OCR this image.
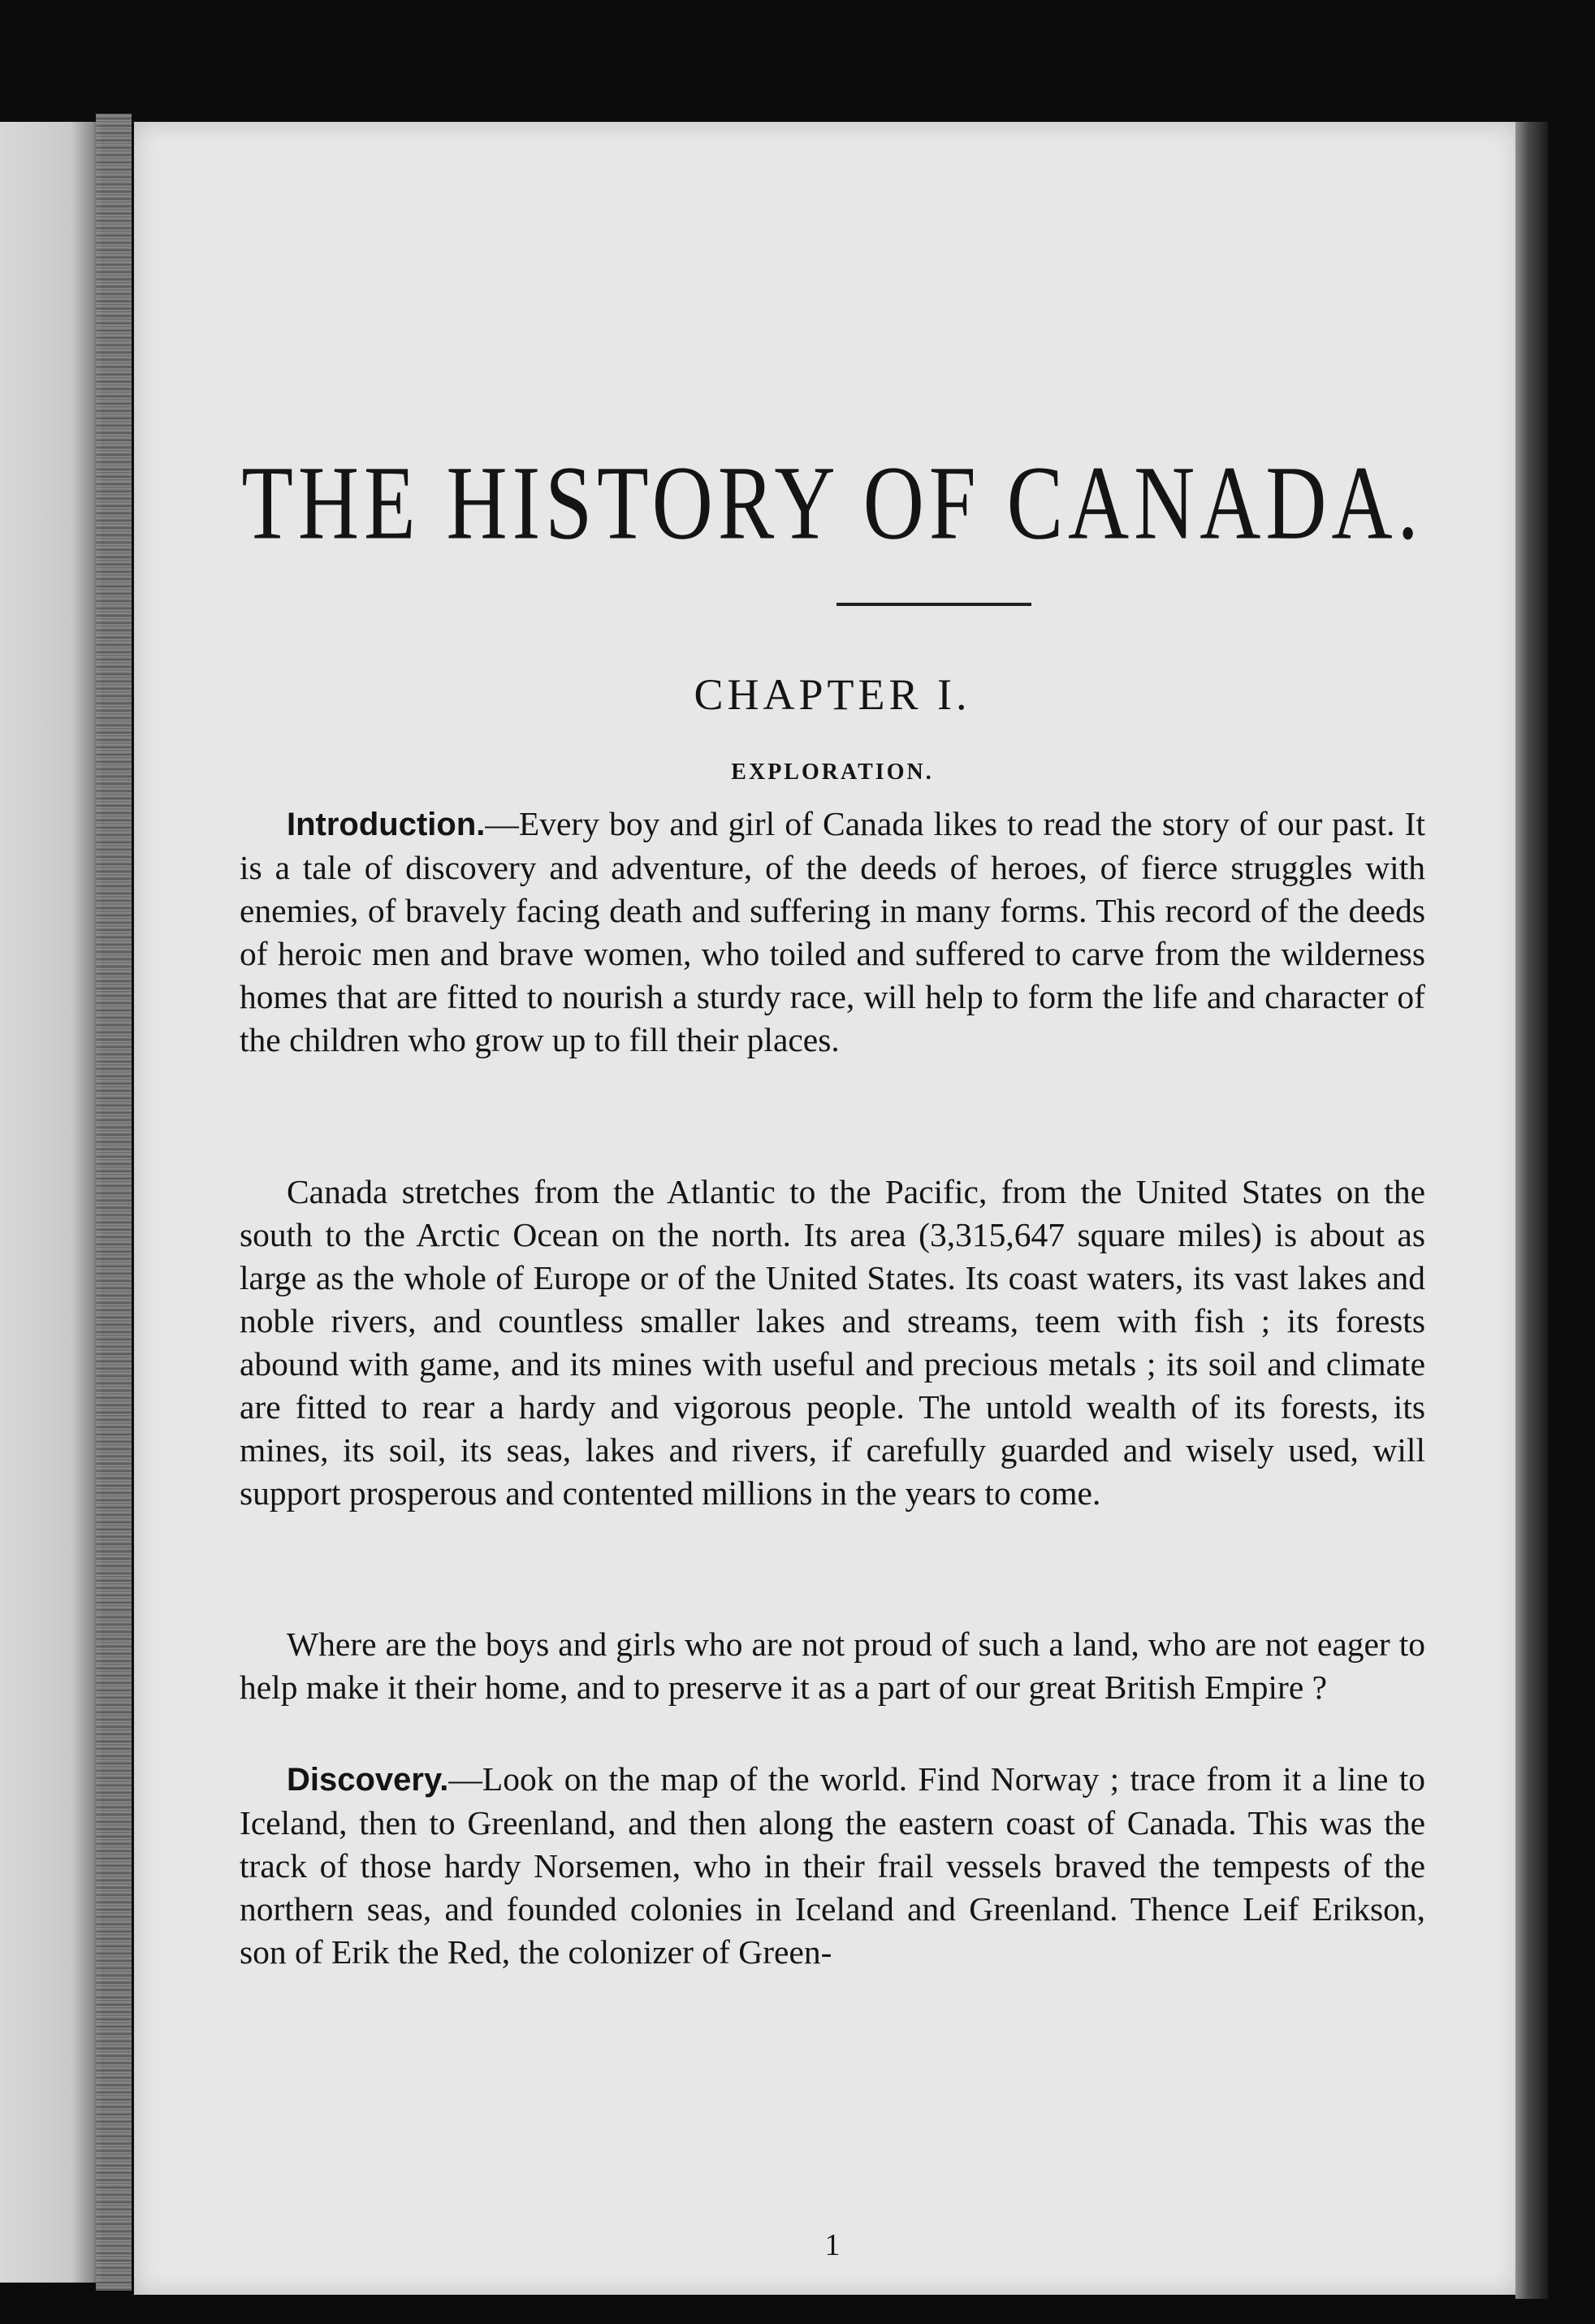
THE HISTORY OF CANADA.
CHAPTER I.
EXPLORATION.

Introduction.—Every boy and girl of Canada likes to read the story of our past. It is a tale of discovery and adventure, of the deeds of heroes, of fierce struggles with enemies, of bravely facing death and suffering in many forms. This record of the deeds of heroic men and brave women, who toiled and suffered to carve from the wilderness homes that are fitted to nourish a sturdy race, will help to form the life and character of the children who grow up to fill their places.

Canada stretches from the Atlantic to the Pacific, from the United States on the south to the Arctic Ocean on the north. Its area (3,315,647 square miles) is about as large as the whole of Europe or of the United States. Its coast waters, its vast lakes and noble rivers, and countless smaller lakes and streams, teem with fish ; its forests abound with game, and its mines with useful and precious metals ; its soil and climate are fitted to rear a hardy and vigorous people. The untold wealth of its forests, its mines, its soil, its seas, lakes and rivers, if carefully guarded and wisely used, will support prosperous and contented millions in the years to come.

Where are the boys and girls who are not proud of such a land, who are not eager to help make it their home, and to preserve it as a part of our great British Empire ?

Discovery.—Look on the map of the world. Find Norway ; trace from it a line to Iceland, then to Greenland, and then along the eastern coast of Canada. This was the track of those hardy Norsemen, who in their frail vessels braved the tempests of the northern seas, and founded colonies in Iceland and Greenland. Thence Leif Erikson, son of Erik the Red, the colonizer of Green-

1
